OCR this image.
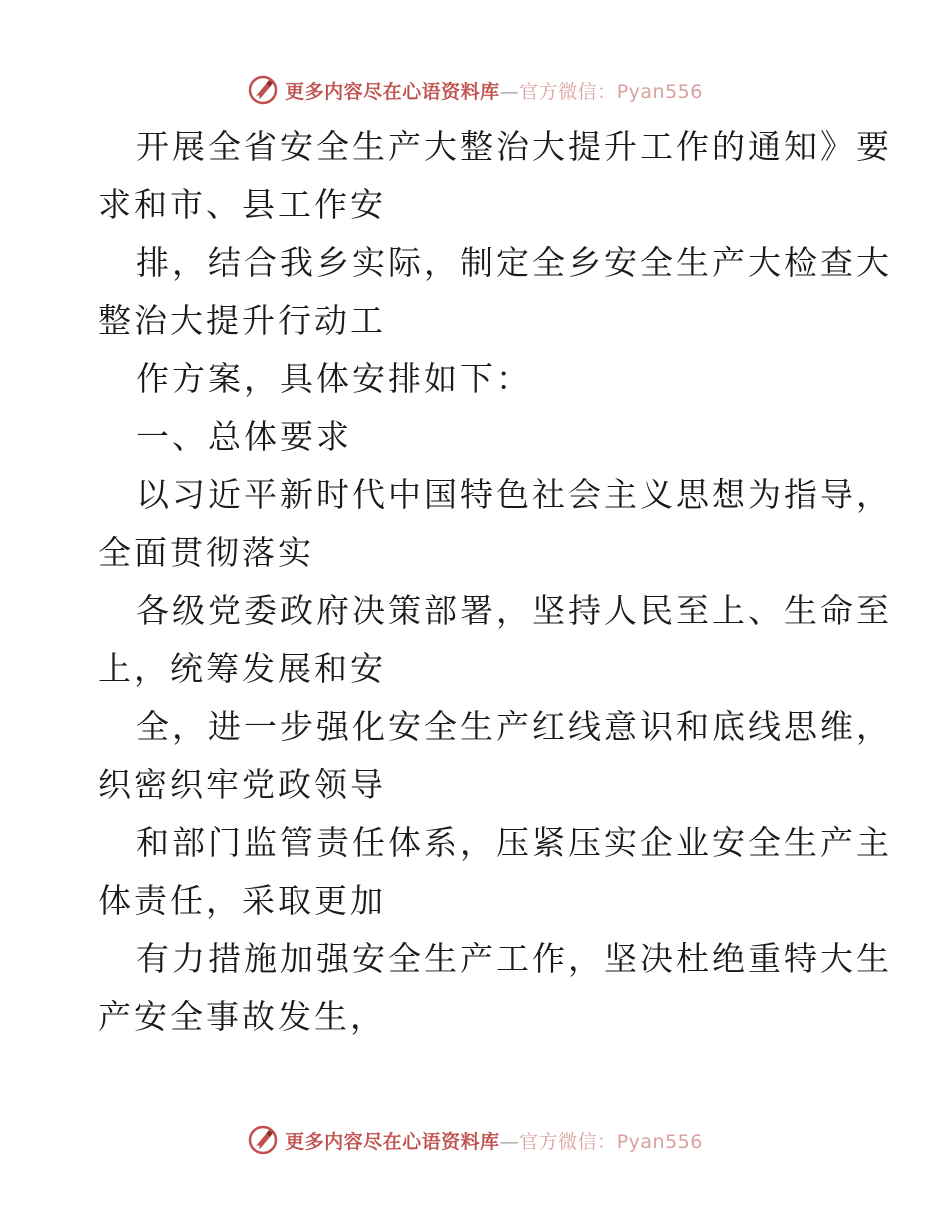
更多内容尽在心语资料库—官方微信：Pyan556

开展全省安全生产大整治大提升工作的通知》要
求和市、县工作安

排，结合我乡实际，制定全乡安全生产大检查大
整治大提升行动工

作方案，具体安排如下：

一、总体要求

以习近平新时代中国特色社会主义思想为指导，
全面贯彻落实

各级党委政府决策部署，坚持人民至上、生命至
上，统筹发展和安

全，进一步强化安全生产红线意识和底线思维，
织密织牢党政领导

和部门监管责任体系，压紧压实企业安全生产主
体责任，采取更加

有力措施加强安全生产工作，坚决杜绝重特大生
产安全事故发生，

更多内容尽在心语资料库—官方微信：Pyan556
